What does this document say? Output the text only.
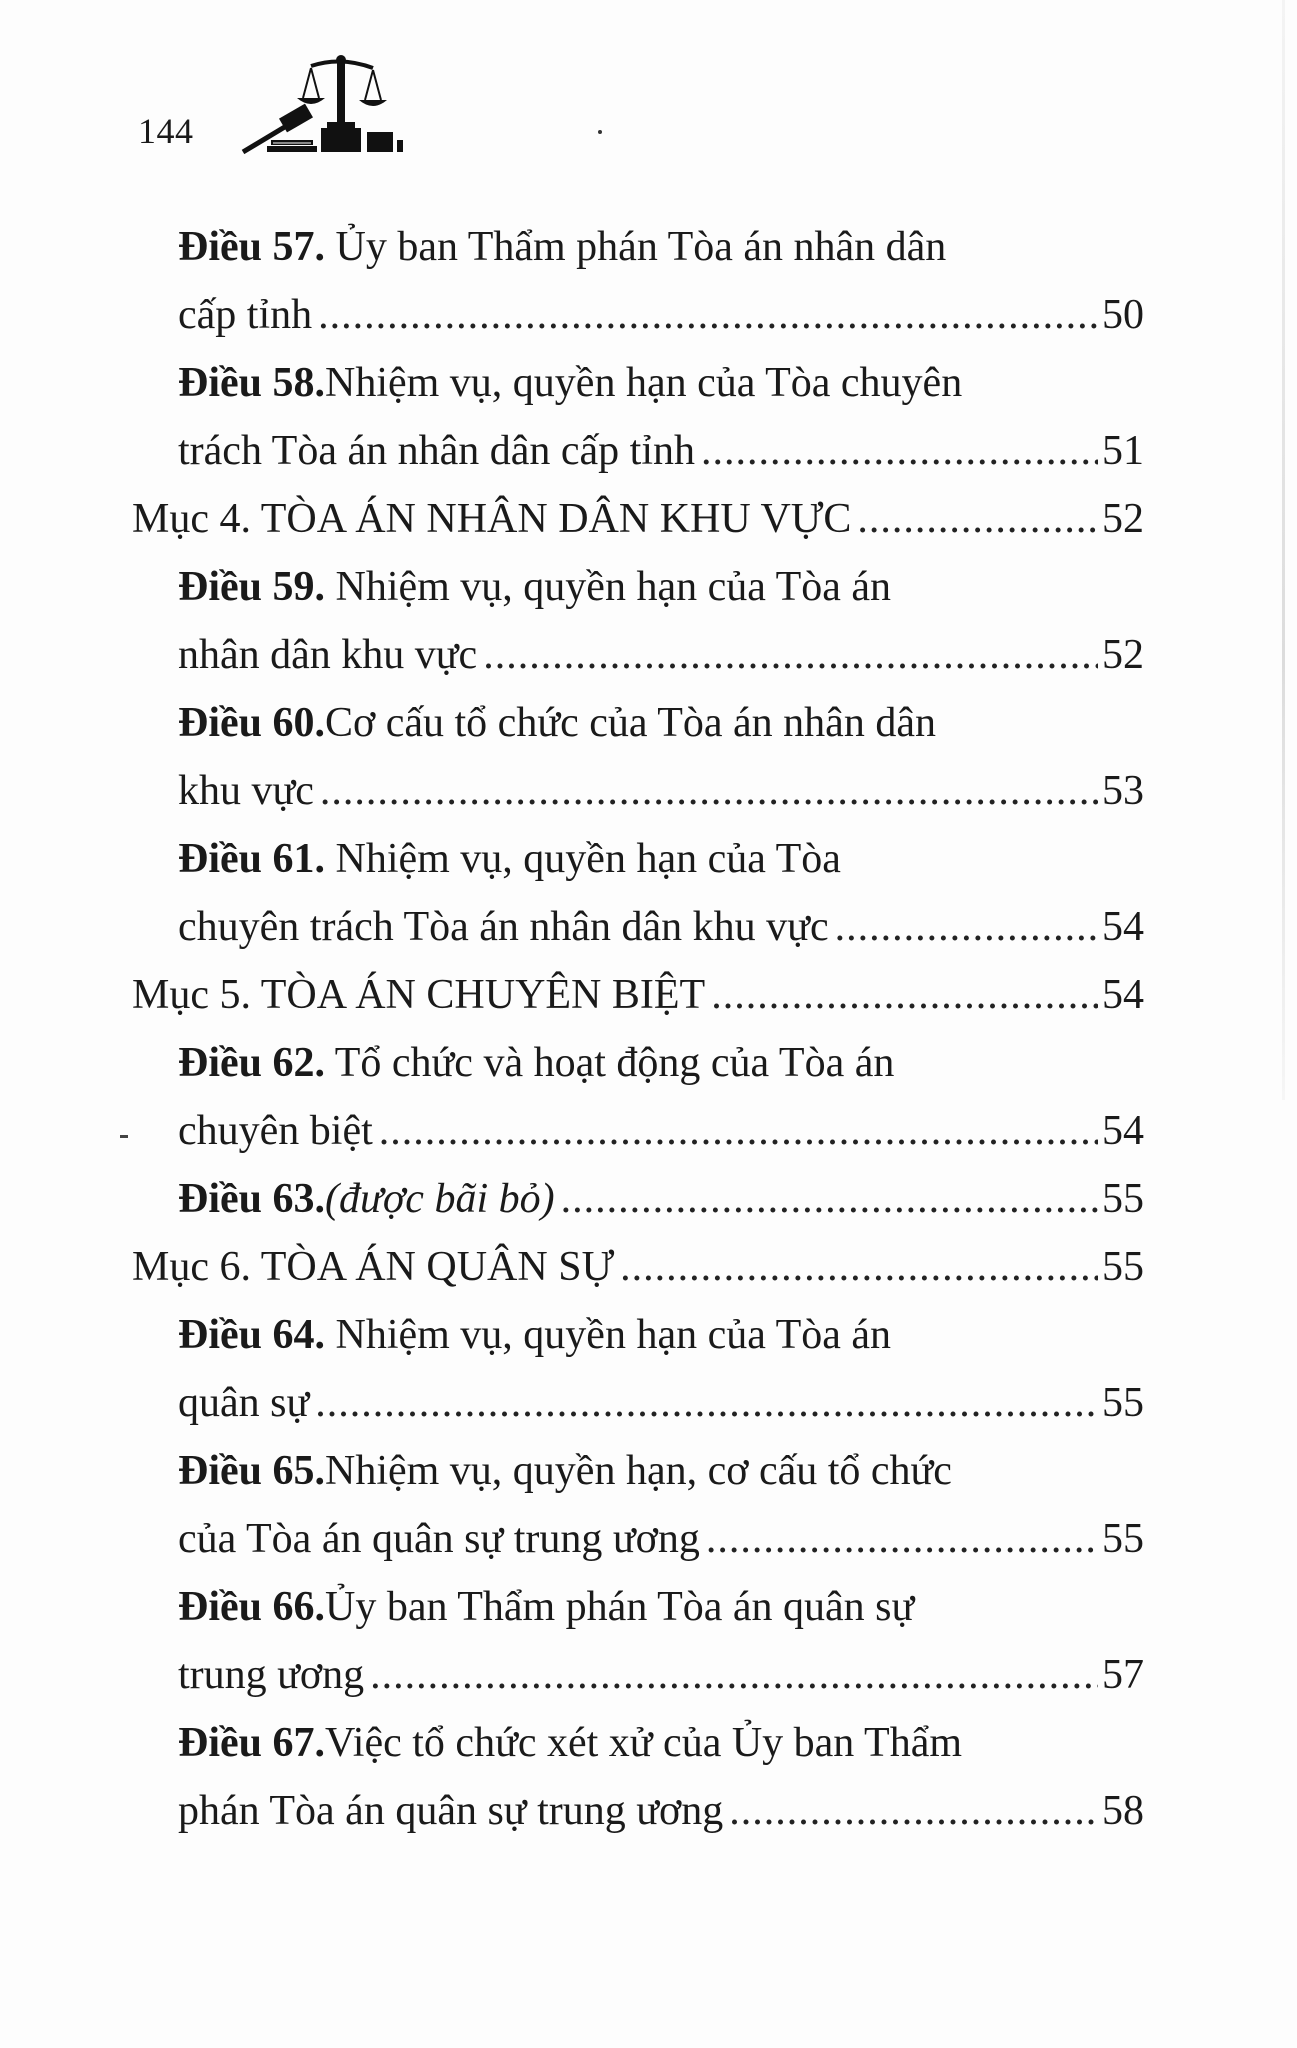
144
Điều 57. Ủy ban Thẩm phán Tòa án nhân dân
cấp tỉnh .....	50
Điều 58. Nhiệm vụ, quyền hạn của Tòa chuyên
trách Tòa án nhân dân cấp tỉnh .....	51
Mục 4. TÒA ÁN NHÂN DÂN KHU VỰC .....	52
Điều 59. Nhiệm vụ, quyền hạn của Tòa án
nhân dân khu vực .....	52
Điều 60. Cơ cấu tổ chức của Tòa án nhân dân
khu vực .....	53
Điều 61. Nhiệm vụ, quyền hạn của Tòa
chuyên trách Tòa án nhân dân khu vực .....	54
Mục 5. TÒA ÁN CHUYÊN BIỆT .....	54
Điều 62. Tổ chức và hoạt động của Tòa án
chuyên biệt .....	54
Điều 63. (được bãi bỏ) .....	55
Mục 6. TÒA ÁN QUÂN SỰ .....	55
Điều 64. Nhiệm vụ, quyền hạn của Tòa án
quân sự .....	55
Điều 65. Nhiệm vụ, quyền hạn, cơ cấu tổ chức
của Tòa án quân sự trung ương .....	55
Điều 66. Ủy ban Thẩm phán Tòa án quân sự
trung ương .....	57
Điều 67. Việc tổ chức xét xử của Ủy ban Thẩm
phán Tòa án quân sự trung ương .....	58
